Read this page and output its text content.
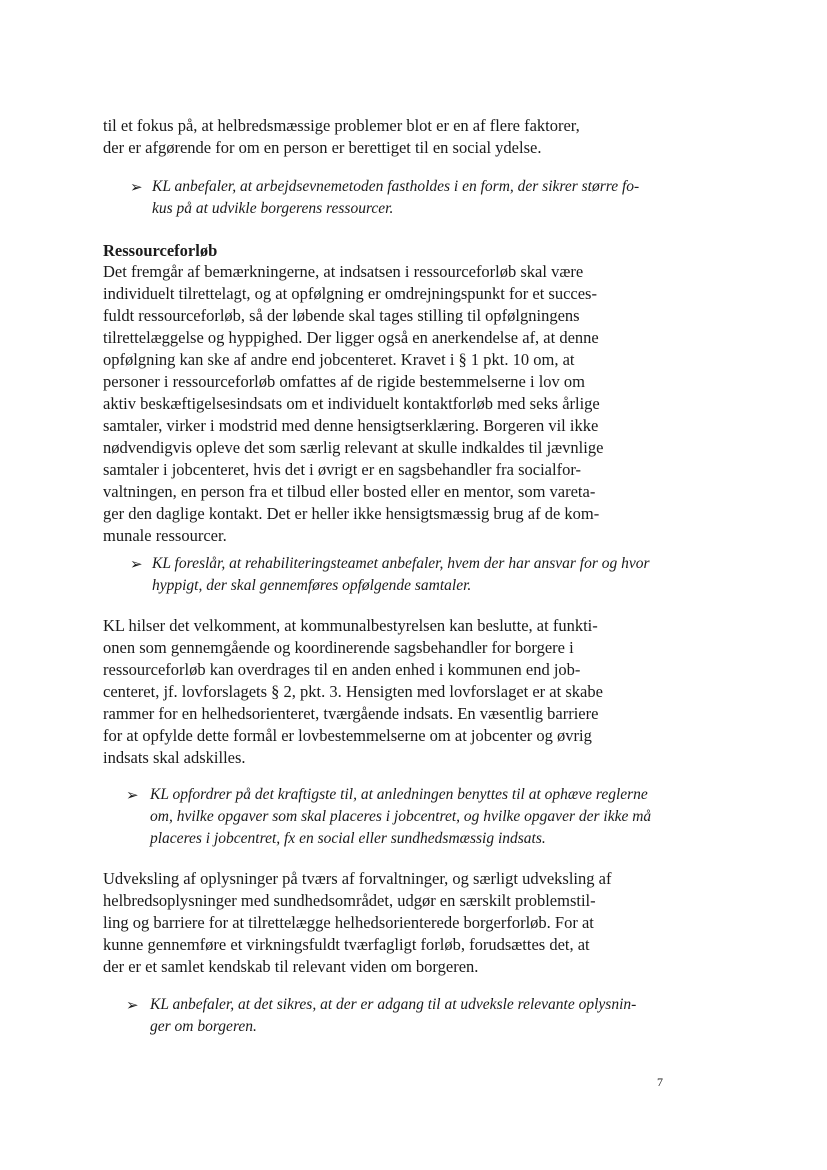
til et fokus på, at helbredsmæssige problemer blot er en af flere faktorer,
der er afgørende for om en person er berettiget til en social ydelse.
➢ KL anbefaler, at arbejdsevnemetoden fastholdes i en form, der sikrer større fo-
kus på at udvikle borgerens ressourcer.
Ressourceforløb
Det fremgår af bemærkningerne, at indsatsen i ressourceforløb skal være
individuelt tilrettelagt, og at opfølgning er omdrejningspunkt for et succes-
fuldt ressourceforløb, så der løbende skal tages stilling til opfølgningens
tilrettelæggelse og hyppighed. Der ligger også en anerkendelse af, at denne
opfølgning kan ske af andre end jobcenteret. Kravet i § 1 pkt. 10 om, at
personer i ressourceforløb omfattes af de rigide bestemmelserne i lov om
aktiv beskæftigelsesindsats om et individuelt kontaktforløb med seks årlige
samtaler, virker i modstrid med denne hensigtserklæring. Borgeren vil ikke
nødvendigvis opleve det som særlig relevant at skulle indkaldes til jævnlige
samtaler i jobcenteret, hvis det i øvrigt er en sagsbehandler fra socialfor-
valtningen, en person fra et tilbud eller bosted eller en mentor, som vareta-
ger den daglige kontakt. Det er heller ikke hensigtsmæssig brug af de kom-
munale ressourcer.
➢ KL foreslår, at rehabiliteringsteamet anbefaler, hvem der har ansvar for og hvor
hyppigt, der skal gennemføres opfølgende samtaler.
KL hilser det velkomment, at kommunalbestyrelsen kan beslutte, at funkti-
onen som gennemgående og koordinerende sagsbehandler for borgere i
ressourceforløb kan overdrages til en anden enhed i kommunen end job-
centeret, jf. lovforslagets § 2, pkt. 3. Hensigten med lovforslaget er at skabe
rammer for en helhedsorienteret, tværgående indsats. En væsentlig barriere
for at opfylde dette formål er lovbestemmelserne om at jobcenter og øvrig
indsats skal adskilles.
➢ KL opfordrer på det kraftigste til, at anledningen benyttes til at ophæve reglerne
om, hvilke opgaver som skal placeres i jobcentret, og hvilke opgaver der ikke må
placeres i jobcentret, fx en social eller sundhedsmæssig indsats.
Udveksling af oplysninger på tværs af forvaltninger, og særligt udveksling af
helbredsoplysninger med sundhedsområdet, udgør en særskilt problemstil-
ling og barriere for at tilrettelægge helhedsorienterede borgerforløb. For at
kunne gennemføre et virkningsfuldt tværfagligt forløb, forudsættes det, at
der er et samlet kendskab til relevant viden om borgeren.
➢ KL anbefaler, at det sikres, at der er adgang til at udveksle relevante oplysnin-
ger om borgeren.
7
